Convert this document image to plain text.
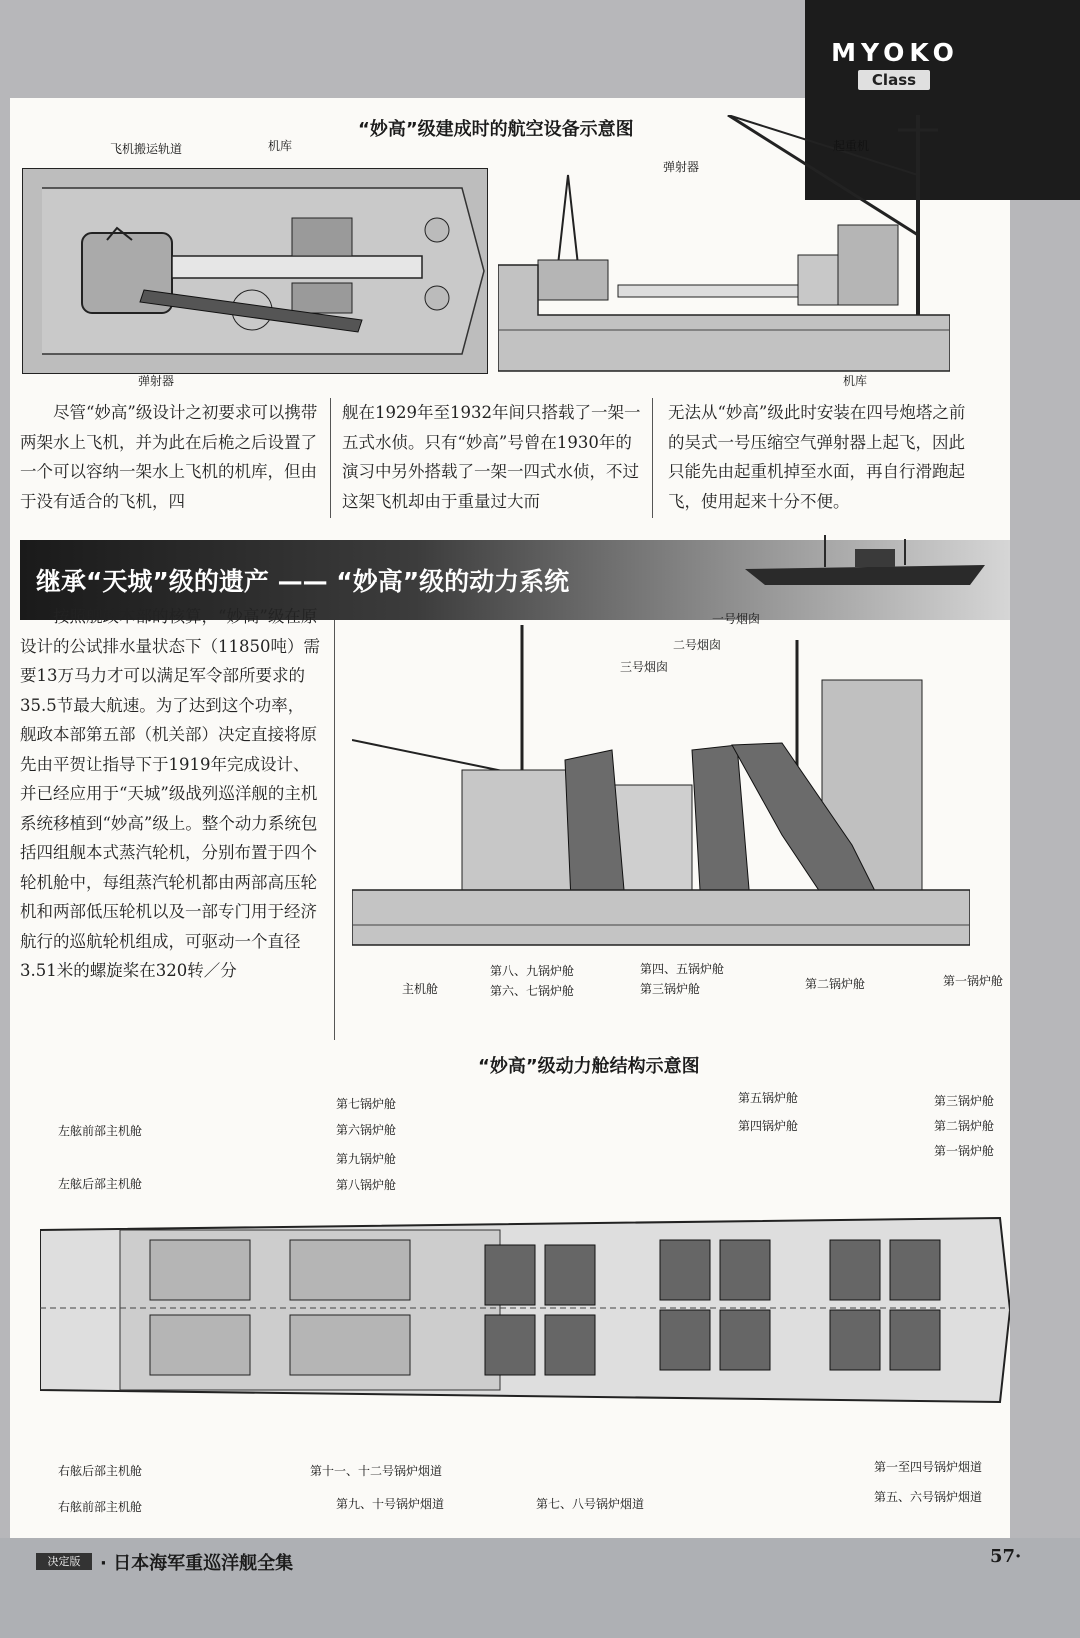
MYOKO
Class
“妙高”级建成时的航空设备示意图
飞机搬运轨道	机库
弹射器
弹射器
起重机
机库

尽管“妙高”级设计之初要求可以携带两架水上飞机，并为此在后桅之后设置了一个可以容纳一架水上飞机的机库，但由于没有适合的飞机，四

舰在1929年至1932年间只搭载了一架一五式水侦。只有“妙高”号曾在1930年的演习中另外搭载了一架一四式水侦，不过这架飞机却由于重量过大而
无法从“妙高”级此时安装在四号炮塔之前的吴式一号压缩空气弹射器上起飞，因此只能先由起重机掉至水面，再自行滑跑起飞，使用起来十分不便。
继承“天城”级的遗产 —— “妙高”级的动力系统

按照舰政本部的核算，“妙高”级在原设计的公试排水量状态下（11850吨）需要13万马力才可以满足军令部所要求的35.5节最大航速。为了达到这个功率，舰政本部第五部（机关部）决定直接将原先由平贺让指导下于1919年完成设计、并已经应用于“天城”级战列巡洋舰的主机系统移植到“妙高”级上。整个动力系统包括四组舰本式蒸汽轮机，分别布置于四个轮机舱中，每组蒸汽轮机都由两部高压轮机和两部低压轮机以及一部专门用于经济航行的巡航轮机组成，可驱动一个直径3.51米的螺旋桨在320转／分

一号烟囱
二号烟囱
三号烟囱
主机舱
第八、九锅炉舱
第六、七锅炉舱
第四、五锅炉舱
第三锅炉舱	第二锅炉舱	第一锅炉舱
“妙高”级动力舱结构示意图
左舷前部主机舱
左舷后部主机舱
第七锅炉舱
第六锅炉舱
第九锅炉舱
第八锅炉舱
第五锅炉舱
第四锅炉舱
第三锅炉舱
第二锅炉舱
第一锅炉舱
右舷后部主机舱
右舷前部主机舱
第十一、十二号锅炉烟道
第九、十号锅炉烟道	第七、八号锅炉烟道
第一至四号锅炉烟道
第五、六号锅炉烟道
决定版	· 日本海军重巡洋舰全集	57·
